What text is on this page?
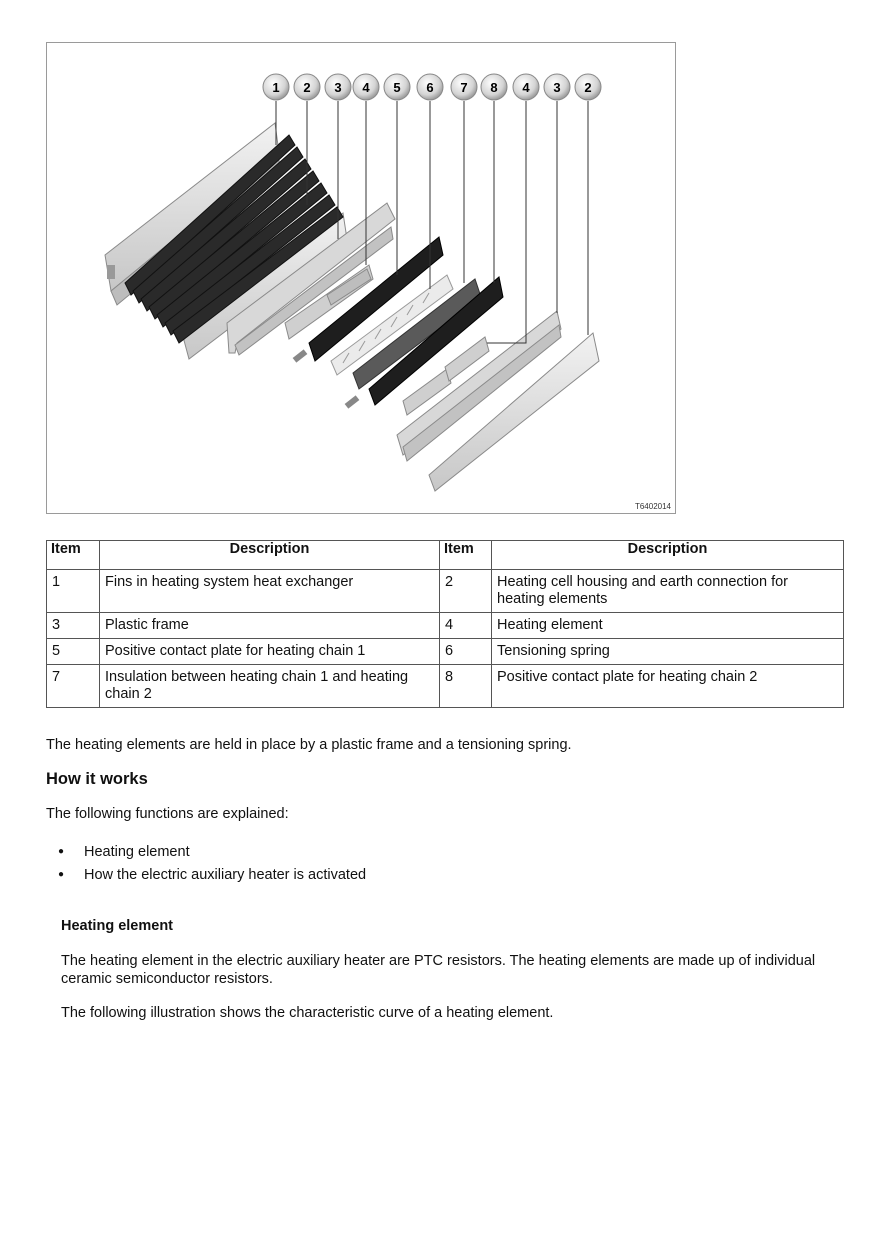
1 2 3 4 5 6 7 8 4 3 2
T6402014
Item	Description	Item	Description
1	Fins in heating system heat exchanger	2	Heating cell housing and earth connection for heating elements
3	Plastic frame	4	Heating element
5	Positive contact plate for heating chain 1	6	Tensioning spring
7	Insulation between heating chain 1 and heating chain 2	8	Positive contact plate for heating chain 2

The heating elements are held in place by a plastic frame and a tensioning spring.

How it works

The following functions are explained:

●	Heating element
●	How the electric auxiliary heater is activated
Heating element

The heating element in the electric auxiliary heater are PTC resistors. The heating elements are made up of individual ceramic semiconductor resistors.

The following illustration shows the characteristic curve of a heating element.
